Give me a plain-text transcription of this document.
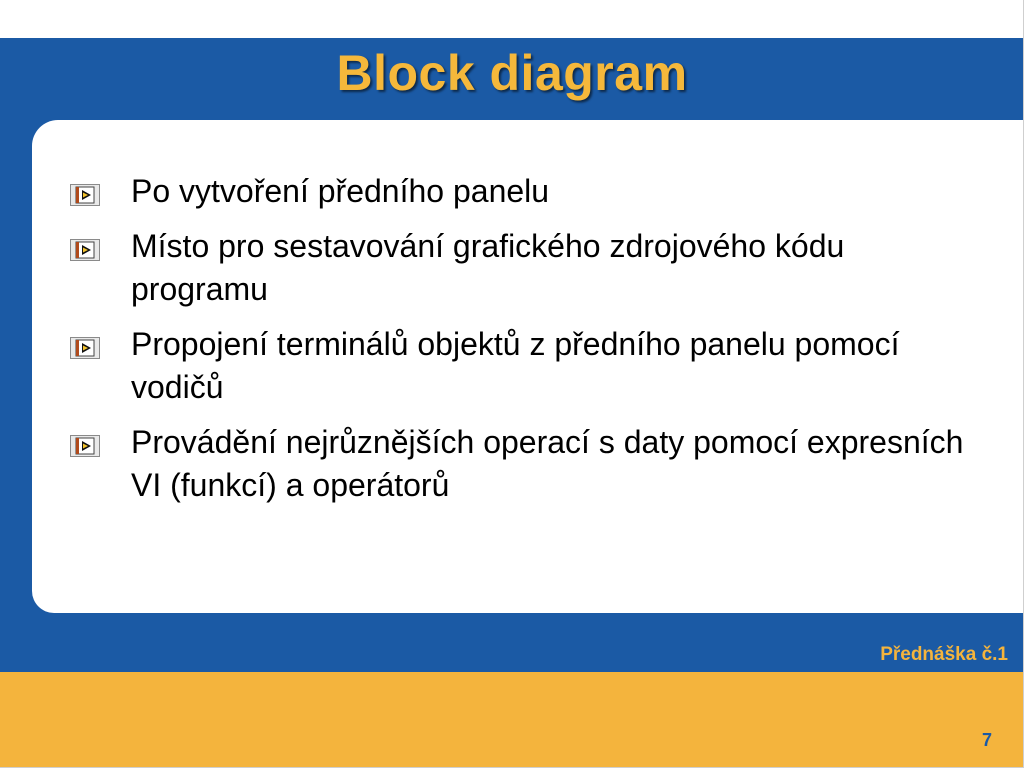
Block diagram
Po vytvoření předního panelu
Místo pro sestavování grafického zdrojového kódu programu
Propojení terminálů objektů z předního panelu pomocí vodičů
Provádění nejrůznějších operací s daty pomocí expresních VI (funkcí) a operátorů
Přednáška č.1
7
